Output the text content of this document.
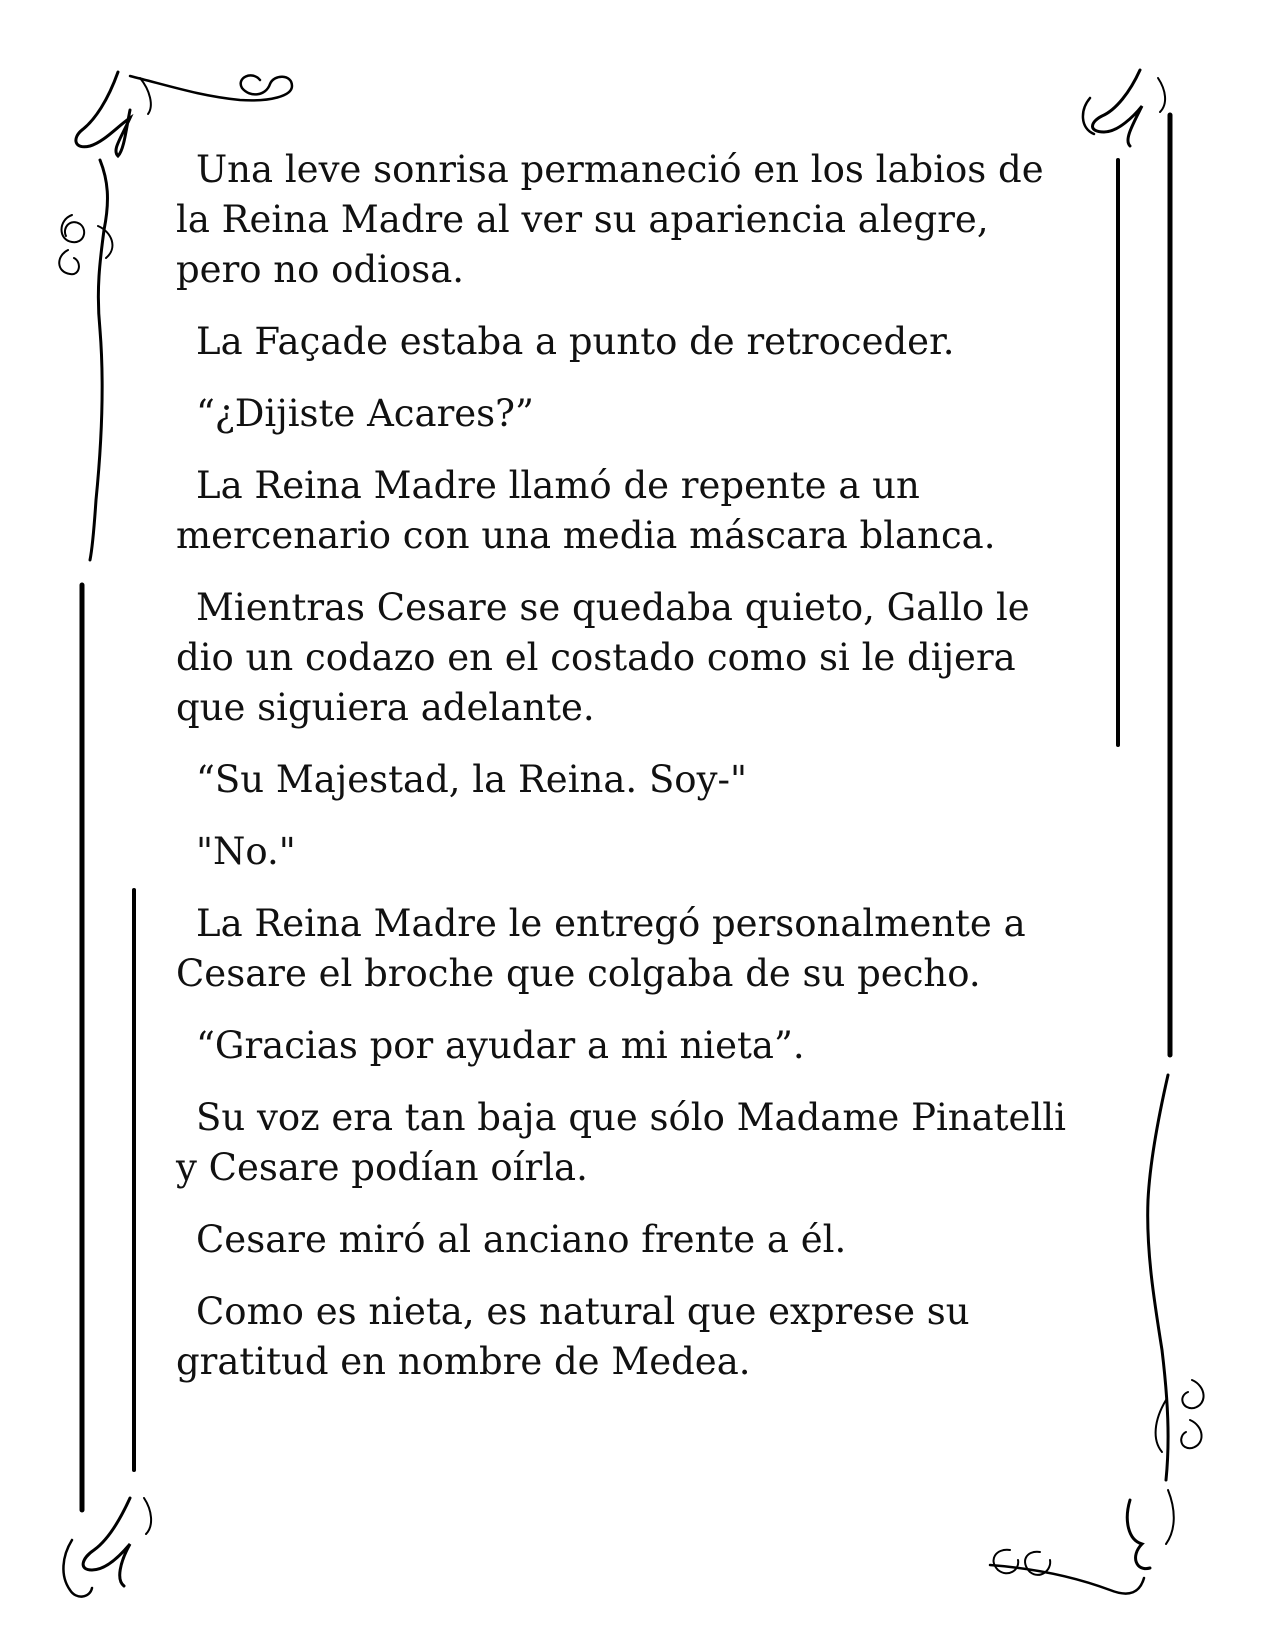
Una leve sonrisa permaneció en los labios de la Reina Madre al ver su apariencia alegre, pero no odiosa.

La Façade estaba a punto de retroceder.

“¿Dijiste Acares?”

La Reina Madre llamó de repente a un mercenario con una media máscara blanca.

Mientras Cesare se quedaba quieto, Gallo le dio un codazo en el costado como si le dijera que siguiera adelante.

“Su Majestad, la Reina. Soy-"

"No."

La Reina Madre le entregó personalmente a Cesare el broche que colgaba de su pecho.

“Gracias por ayudar a mi nieta”.

Su voz era tan baja que sólo Madame Pinatelli y Cesare podían oírla.

Cesare miró al anciano frente a él.

Como es nieta, es natural que exprese su gratitud en nombre de Medea.
